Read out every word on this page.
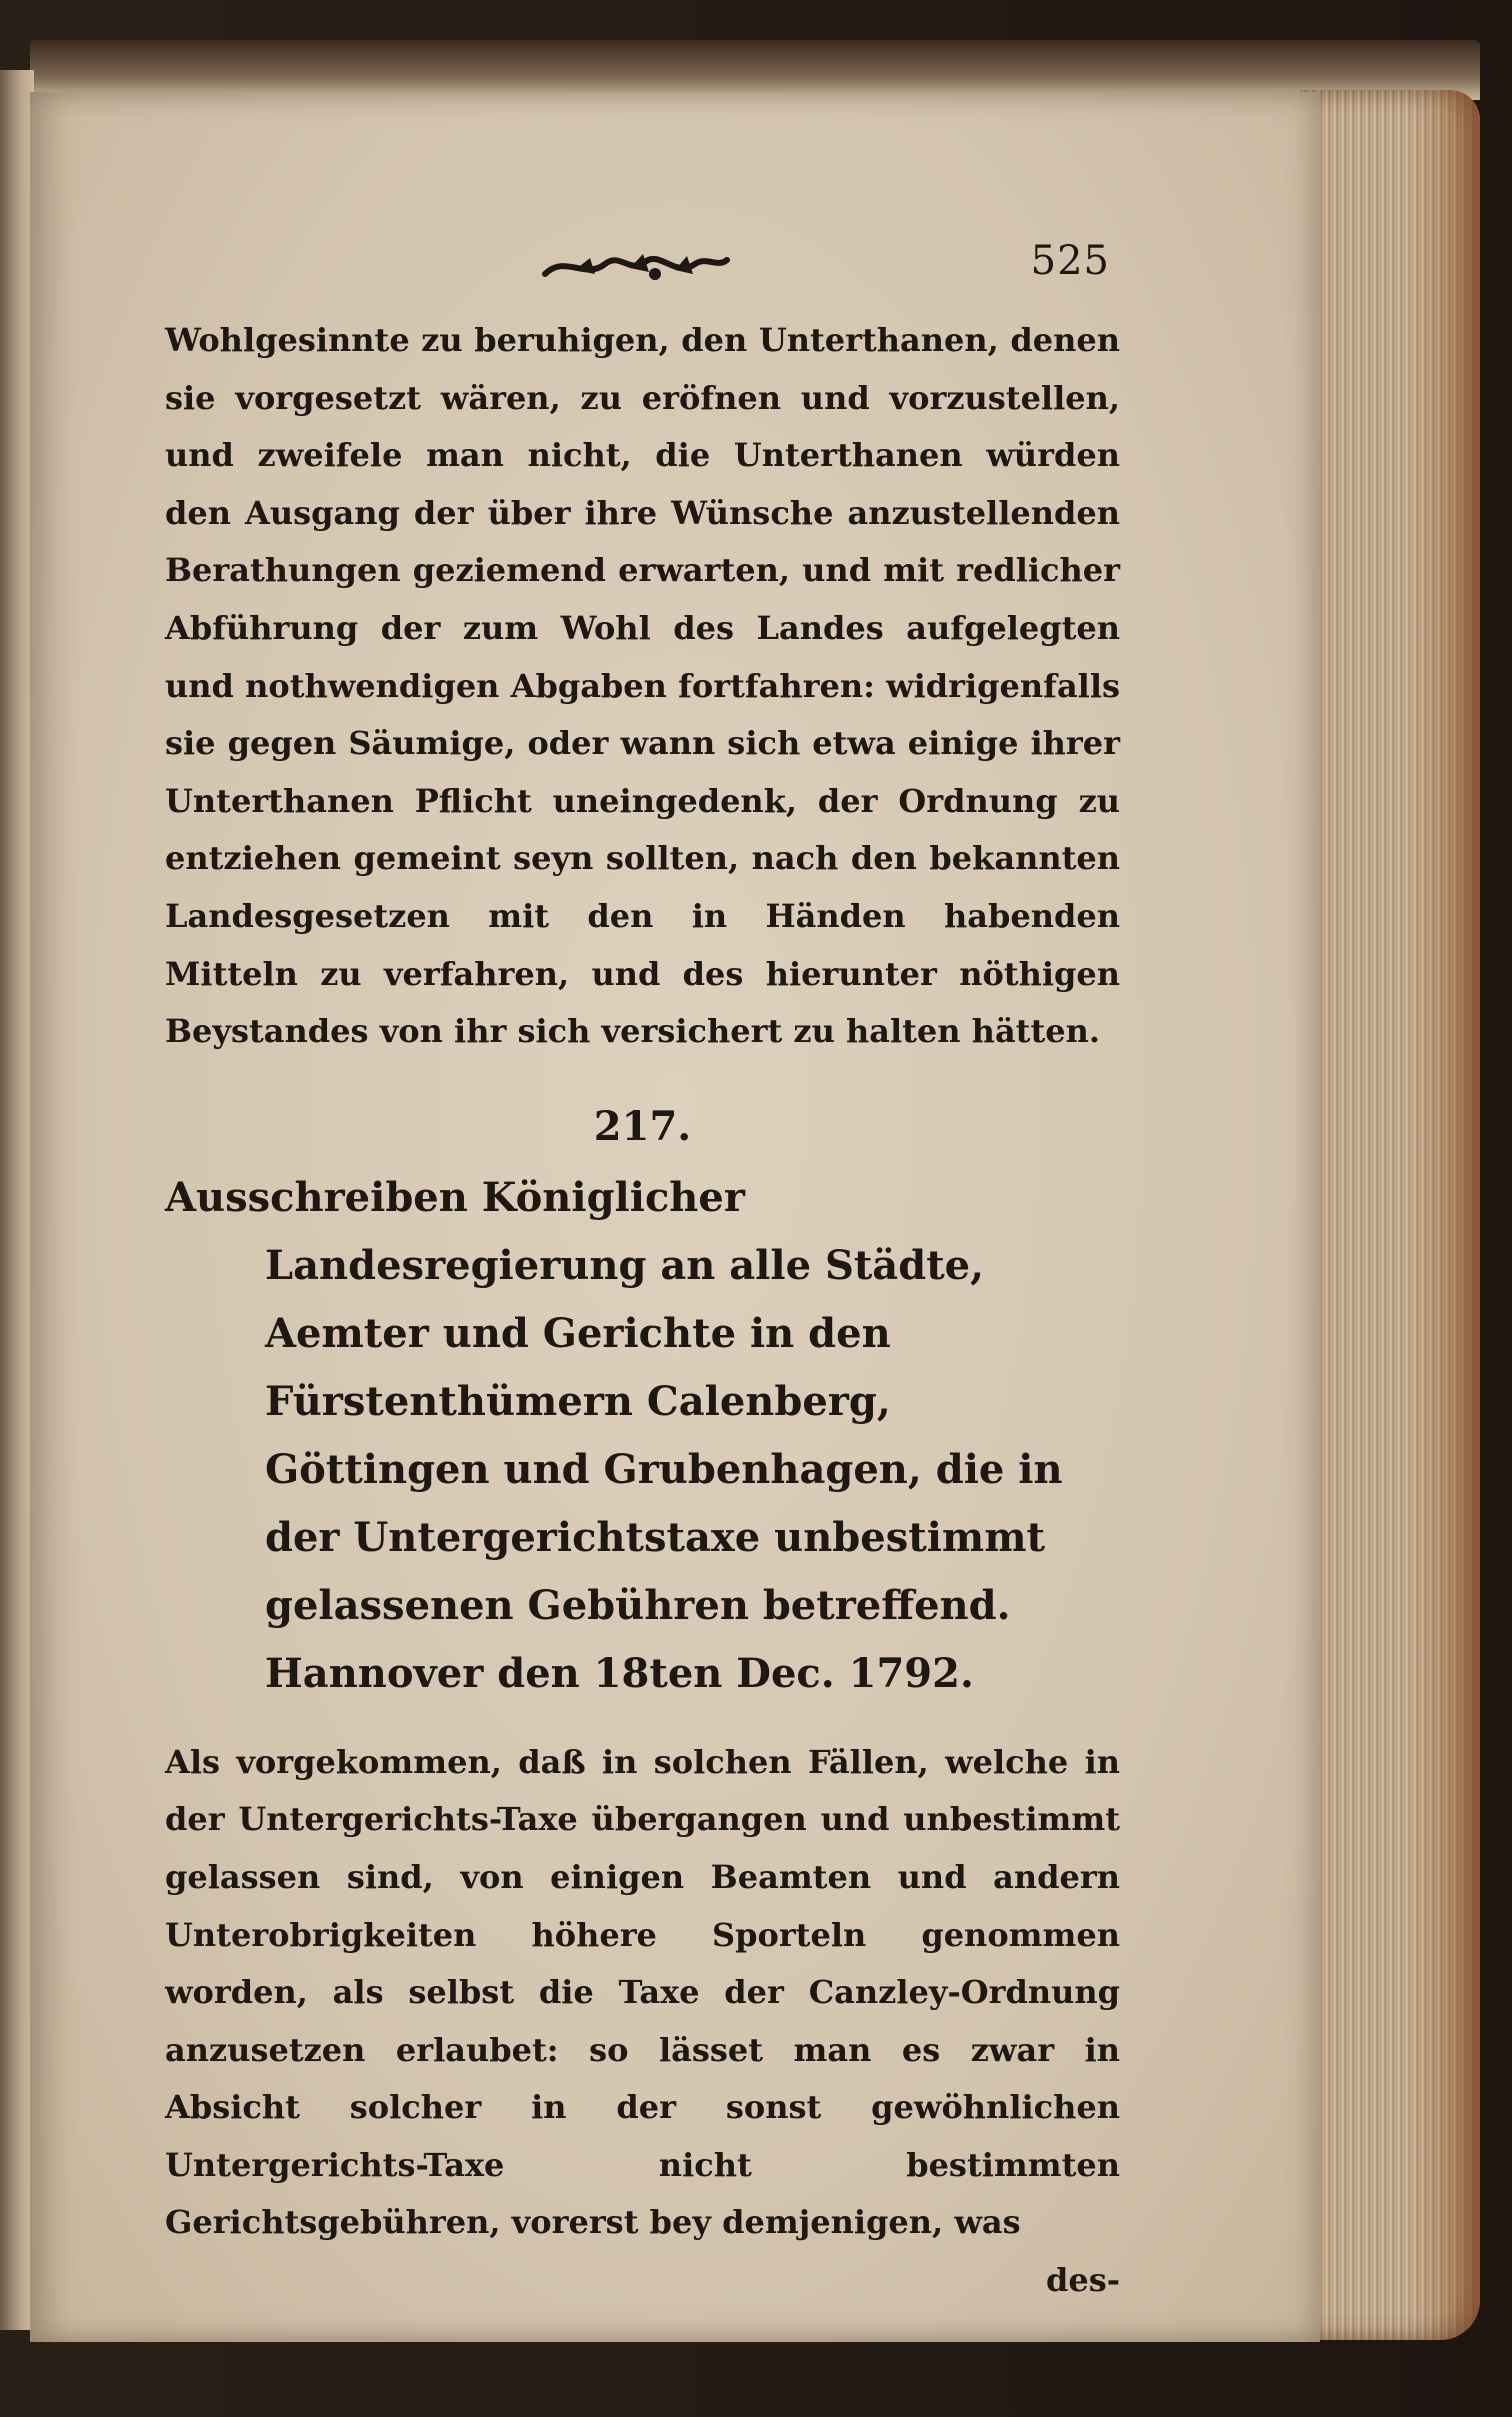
525

Wohlgesinnte zu beruhigen, den Unterthanen, denen sie vorgesetzt wären, zu eröfnen und vorzustellen, und zweifele man nicht, die Unterthanen würden den Ausgang der über ihre Wünsche anzustellenden Berathungen geziemend erwarten, und mit redlicher Abführung der zum Wohl des Landes aufgelegten und nothwendigen Abgaben fortfahren: widrigenfalls sie gegen Säumige, oder wann sich etwa einige ihrer Unterthanen Pflicht uneingedenk, der Ordnung zu entziehen gemeint seyn sollten, nach den bekannten Landesgesetzen mit den in Händen habenden Mitteln zu verfahren, und des hierunter nöthigen Beystandes von ihr sich versichert zu halten hätten.

217.

Ausschreiben Königlicher Landesregierung an alle Städte, Aemter und Gerichte in den Fürstenthümern Calenberg, Göttingen und Grubenhagen, die in der Untergerichtstaxe unbestimmt gelassenen Gebühren betreffend. Hannover den 18ten Dec. 1792.

Als vorgekommen, daß in solchen Fällen, welche in der Untergerichts-Taxe übergangen und unbestimmt gelassen sind, von einigen Beamten und andern Unterobrigkeiten höhere Sporteln genommen worden, als selbst die Taxe der Canzley-Ordnung anzusetzen erlaubet: so lässet man es zwar in Absicht solcher in der sonst gewöhnlichen Untergerichts-Taxe nicht bestimmten Gerichtsgebühren, vorerst bey demjenigen, was

des-
